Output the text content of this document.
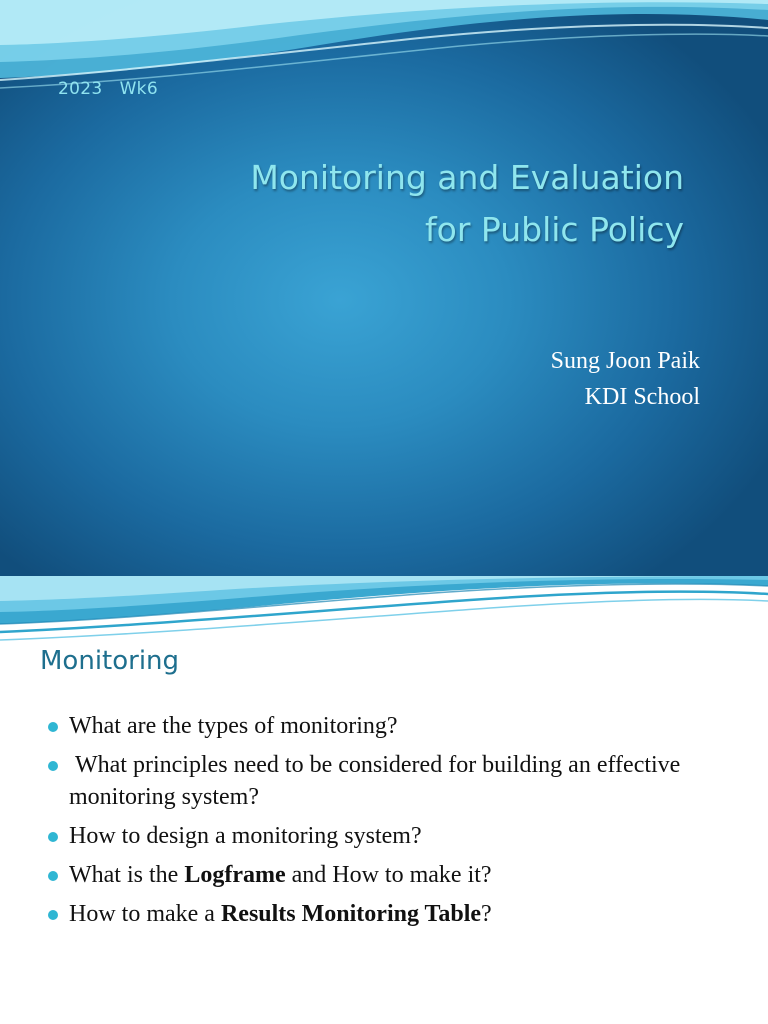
2023   Wk6
Monitoring and Evaluation
for Public Policy
Sung Joon Paik
KDI School
Monitoring
What are the types of monitoring?
What principles need to be considered for building an effective monitoring system?
How to design a monitoring system?
What is the Logframe and How to make it?
How to make a Results Monitoring Table?
